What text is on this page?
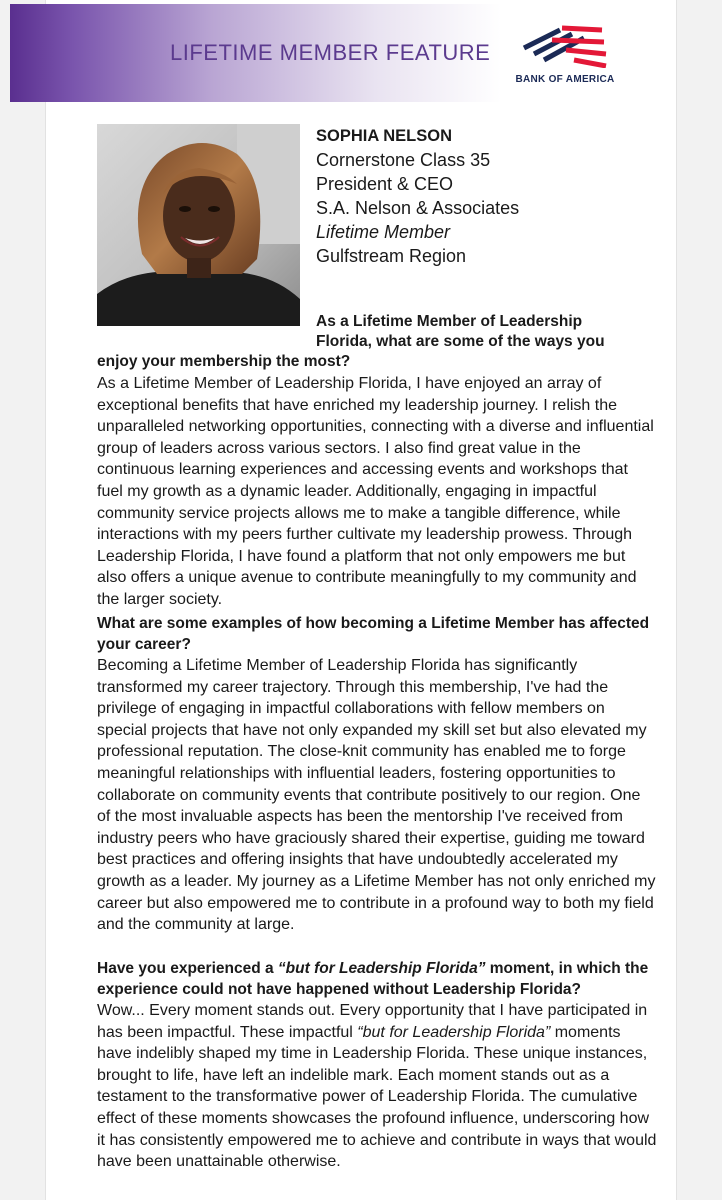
LIFETIME MEMBER FEATURE
BANK OF AMERICA
SOPHIA NELSON
Cornerstone Class 35
President & CEO
S.A. Nelson & Associates
Lifetime Member
Gulfstream Region
As a Lifetime Member of Leadership Florida, what are some of the ways you
enjoy your membership the most?
As a Lifetime Member of Leadership Florida, I have enjoyed an array of exceptional benefits that have enriched my leadership journey. I relish the unparalleled networking opportunities, connecting with a diverse and influential group of leaders across various sectors. I also find great value in the continuous learning experiences and accessing events and workshops that fuel my growth as a dynamic leader. Additionally, engaging in impactful community service projects allows me to make a tangible difference, while interactions with my peers further cultivate my leadership prowess. Through Leadership Florida, I have found a platform that not only empowers me but also offers a unique avenue to contribute meaningfully to my community and the larger society.
What are some examples of how becoming a Lifetime Member has affected your career?
Becoming a Lifetime Member of Leadership Florida has significantly transformed my career trajectory. Through this membership, I've had the privilege of engaging in impactful collaborations with fellow members on special projects that have not only expanded my skill set but also elevated my professional reputation. The close-knit community has enabled me to forge meaningful relationships with influential leaders, fostering opportunities to collaborate on community events that contribute positively to our region. One of the most invaluable aspects has been the mentorship I've received from industry peers who have graciously shared their expertise, guiding me toward best practices and offering insights that have undoubtedly accelerated my growth as a leader. My journey as a Lifetime Member has not only enriched my career but also empowered me to contribute in a profound way to both my field and the community at large.
Have you experienced a “but for Leadership Florida” moment, in which the experience could not have happened without Leadership Florida?
Wow... Every moment stands out. Every opportunity that I have participated in has been impactful. These impactful “but for Leadership Florida” moments have indelibly shaped my time in Leadership Florida. These unique instances, brought to life, have left an indelible mark. Each moment stands out as a testament to the transformative power of Leadership Florida. The cumulative effect of these moments showcases the profound influence, underscoring how it has consistently empowered me to achieve and contribute in ways that would have been unattainable otherwise.
